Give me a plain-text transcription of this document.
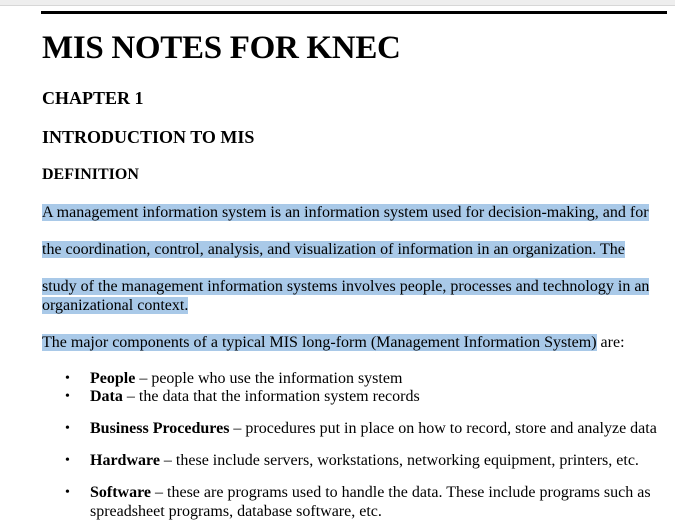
MIS NOTES FOR KNEC
CHAPTER 1
INTRODUCTION TO MIS
DEFINITION
A management information system is an information system used for decision-making, and for
the coordination, control, analysis, and visualization of information in an organization. The
study of the management information systems involves people, processes and technology in an
organizational context.
The major components of a typical MIS long-form (Management Information System) are:
• People – people who use the information system
• Data – the data that the information system records
• Business Procedures – procedures put in place on how to record, store and analyze data
• Hardware – these include servers, workstations, networking equipment, printers, etc.
• Software – these are programs used to handle the data. These include programs such as
spreadsheet programs, database software, etc.
